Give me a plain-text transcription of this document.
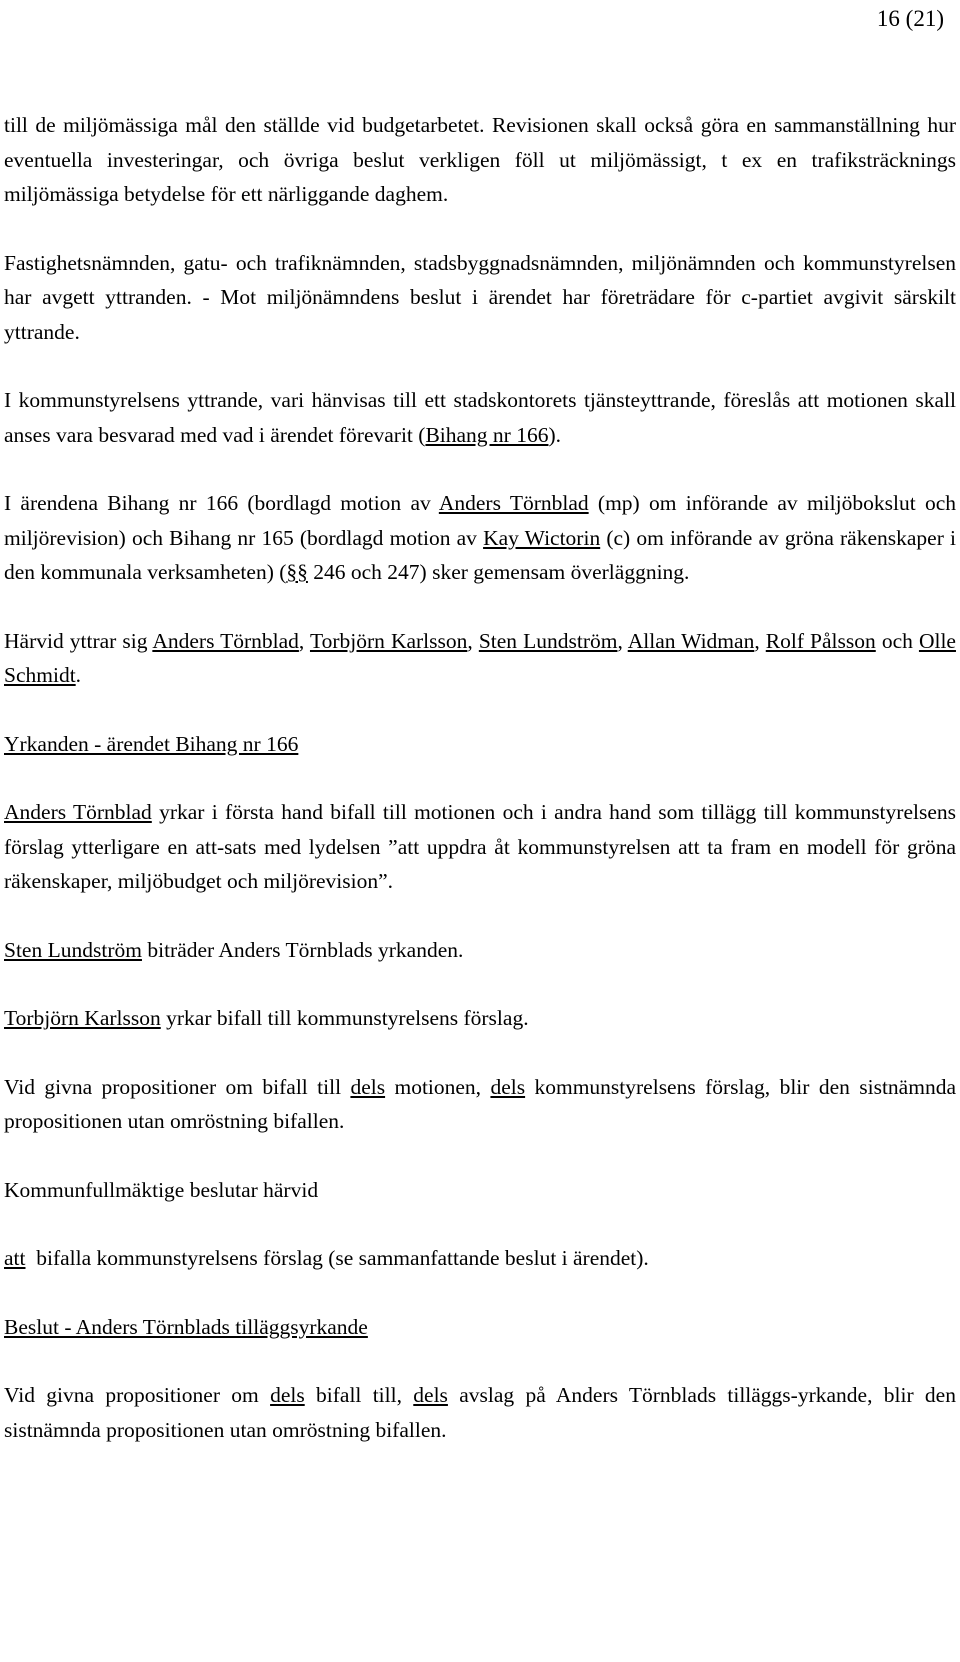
16 (21)

till de miljömässiga mål den ställde vid budgetarbetet. Revisionen skall också göra en sammanställning hur eventuella investeringar, och övriga beslut verkligen föll ut miljömässigt, t ex en trafiksträcknings miljömässiga betydelse för ett närliggande daghem.

Fastighetsnämnden, gatu- och trafiknämnden, stadsbyggnadsnämnden, miljönämnden och kommunstyrelsen har avgett yttranden. - Mot miljönämndens beslut i ärendet har företrädare för c-partiet avgivit särskilt yttrande.

I kommunstyrelsens yttrande, vari hänvisas till ett stadskontorets tjänsteyttrande, föreslås att motionen skall anses vara besvarad med vad i ärendet förevarit (Bihang nr 166).

I ärendena Bihang nr 166 (bordlagd motion av Anders Törnblad (mp) om införande av miljöbokslut och miljörevision) och Bihang nr 165 (bordlagd motion av Kay Wictorin (c) om införande av gröna räkenskaper i den kommunala verksamheten) (§§ 246 och 247) sker gemensam överläggning.

Härvid yttrar sig Anders Törnblad, Torbjörn Karlsson, Sten Lundström, Allan Widman, Rolf Pålsson och Olle Schmidt.

Yrkanden - ärendet Bihang nr 166

Anders Törnblad yrkar i första hand bifall till motionen och i andra hand som tillägg till kommunstyrelsens förslag ytterligare en att-sats med lydelsen ”att uppdra åt kommunstyrelsen att ta fram en modell för gröna räkenskaper, miljöbudget och miljörevision”.

Sten Lundström biträder Anders Törnblads yrkanden.

Torbjörn Karlsson yrkar bifall till kommunstyrelsens förslag.

Vid givna propositioner om bifall till dels motionen, dels kommunstyrelsens förslag, blir den sistnämnda propositionen utan omröstning bifallen.

Kommunfullmäktige beslutar härvid

att bifalla kommunstyrelsens förslag (se sammanfattande beslut i ärendet).

Beslut - Anders Törnblads tilläggsyrkande

Vid givna propositioner om dels bifall till, dels avslag på Anders Törnblads tilläggs-yrkande, blir den sistnämnda propositionen utan omröstning bifallen.
